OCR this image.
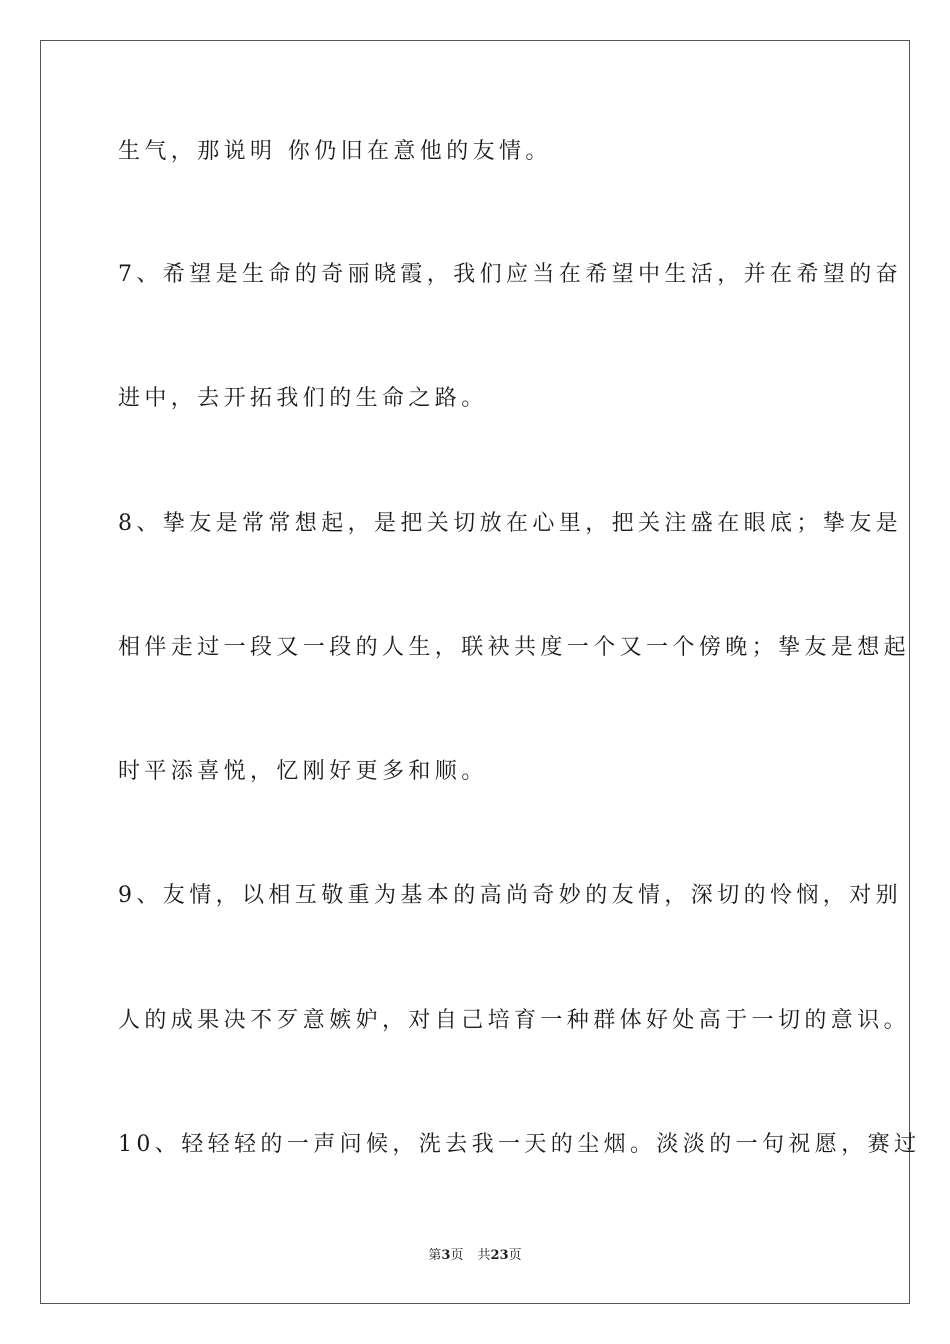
生气，那说明 你仍旧在意他的友情。

7、希望是生命的奇丽晓霞，我们应当在希望中生活，并在希望的奋

进中，去开拓我们的生命之路。

8、挚友是常常想起，是把关切放在心里，把关注盛在眼底；挚友是

相伴走过一段又一段的人生，联袂共度一个又一个傍晚；挚友是想起

时平添喜悦，忆刚好更多和顺。

9、友情，以相互敬重为基本的高尚奇妙的友情，深切的怜悯，对别

人的成果决不歹意嫉妒，对自己培育一种群体好处高于一切的意识。

10、轻轻轻的一声问候，洗去我一天的尘烟。淡淡的一句祝愿，赛过

第3页 共23页
